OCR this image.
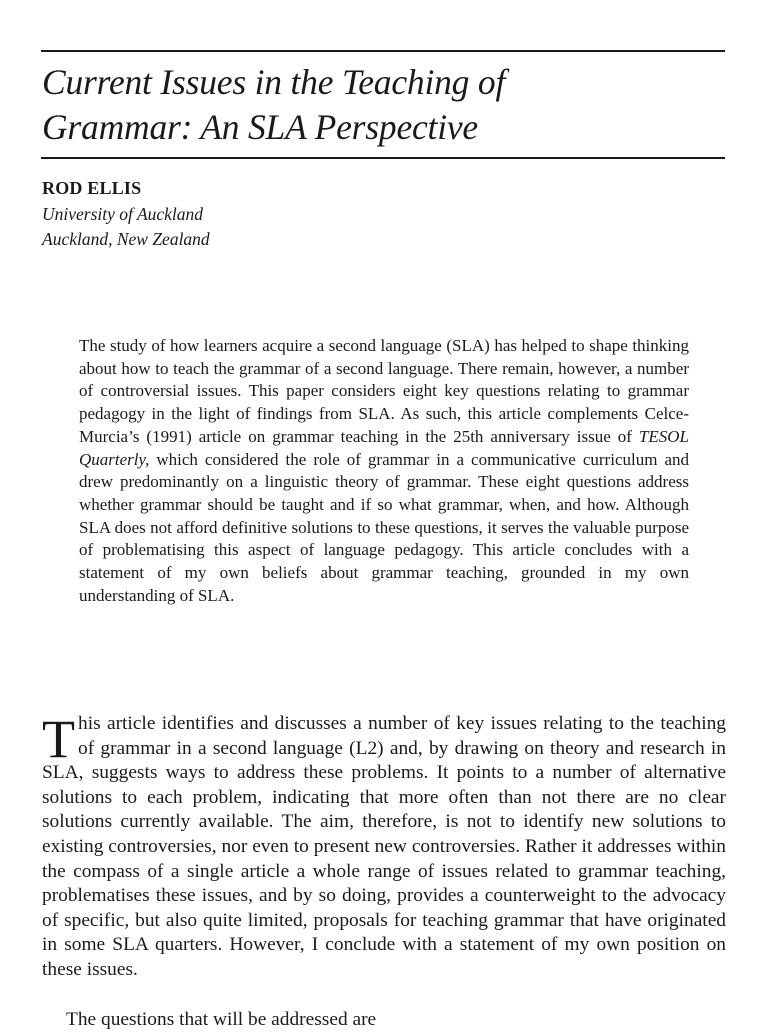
Current Issues in the Teaching of
Grammar: An SLA Perspective
ROD ELLIS
University of Auckland
Auckland, New Zealand

The study of how learners acquire a second language (SLA) has helped to shape thinking about how to teach the grammar of a second language. There remain, however, a number of controversial issues. This paper considers eight key questions relating to grammar pedagogy in the light of findings from SLA. As such, this article complements Celce-Murcia’s (1991) article on grammar teaching in the 25th anniversary issue of TESOL Quarterly, which considered the role of grammar in a communicative curriculum and drew predominantly on a linguistic theory of grammar. These eight questions address whether grammar should be taught and if so what grammar, when, and how. Although SLA does not afford definitive solutions to these questions, it serves the valuable purpose of problematising this aspect of language pedagogy. This article concludes with a statement of my own beliefs about grammar teaching, grounded in my own understanding of SLA.

This article identifies and discusses a number of key issues relating to the teaching of grammar in a second language (L2) and, by drawing on theory and research in SLA, suggests ways to address these problems. It points to a number of alternative solutions to each problem, indicating that more often than not there are no clear solutions currently available. The aim, therefore, is not to identify new solutions to existing controversies, nor even to present new controversies. Rather it addresses within the compass of a single article a whole range of issues related to grammar teaching, problematises these issues, and by so doing, provides a counterweight to the advocacy of specific, but also quite limited, proposals for teaching grammar that have originated in some SLA quarters. However, I conclude with a statement of my own position on these issues.

The questions that will be addressed are
